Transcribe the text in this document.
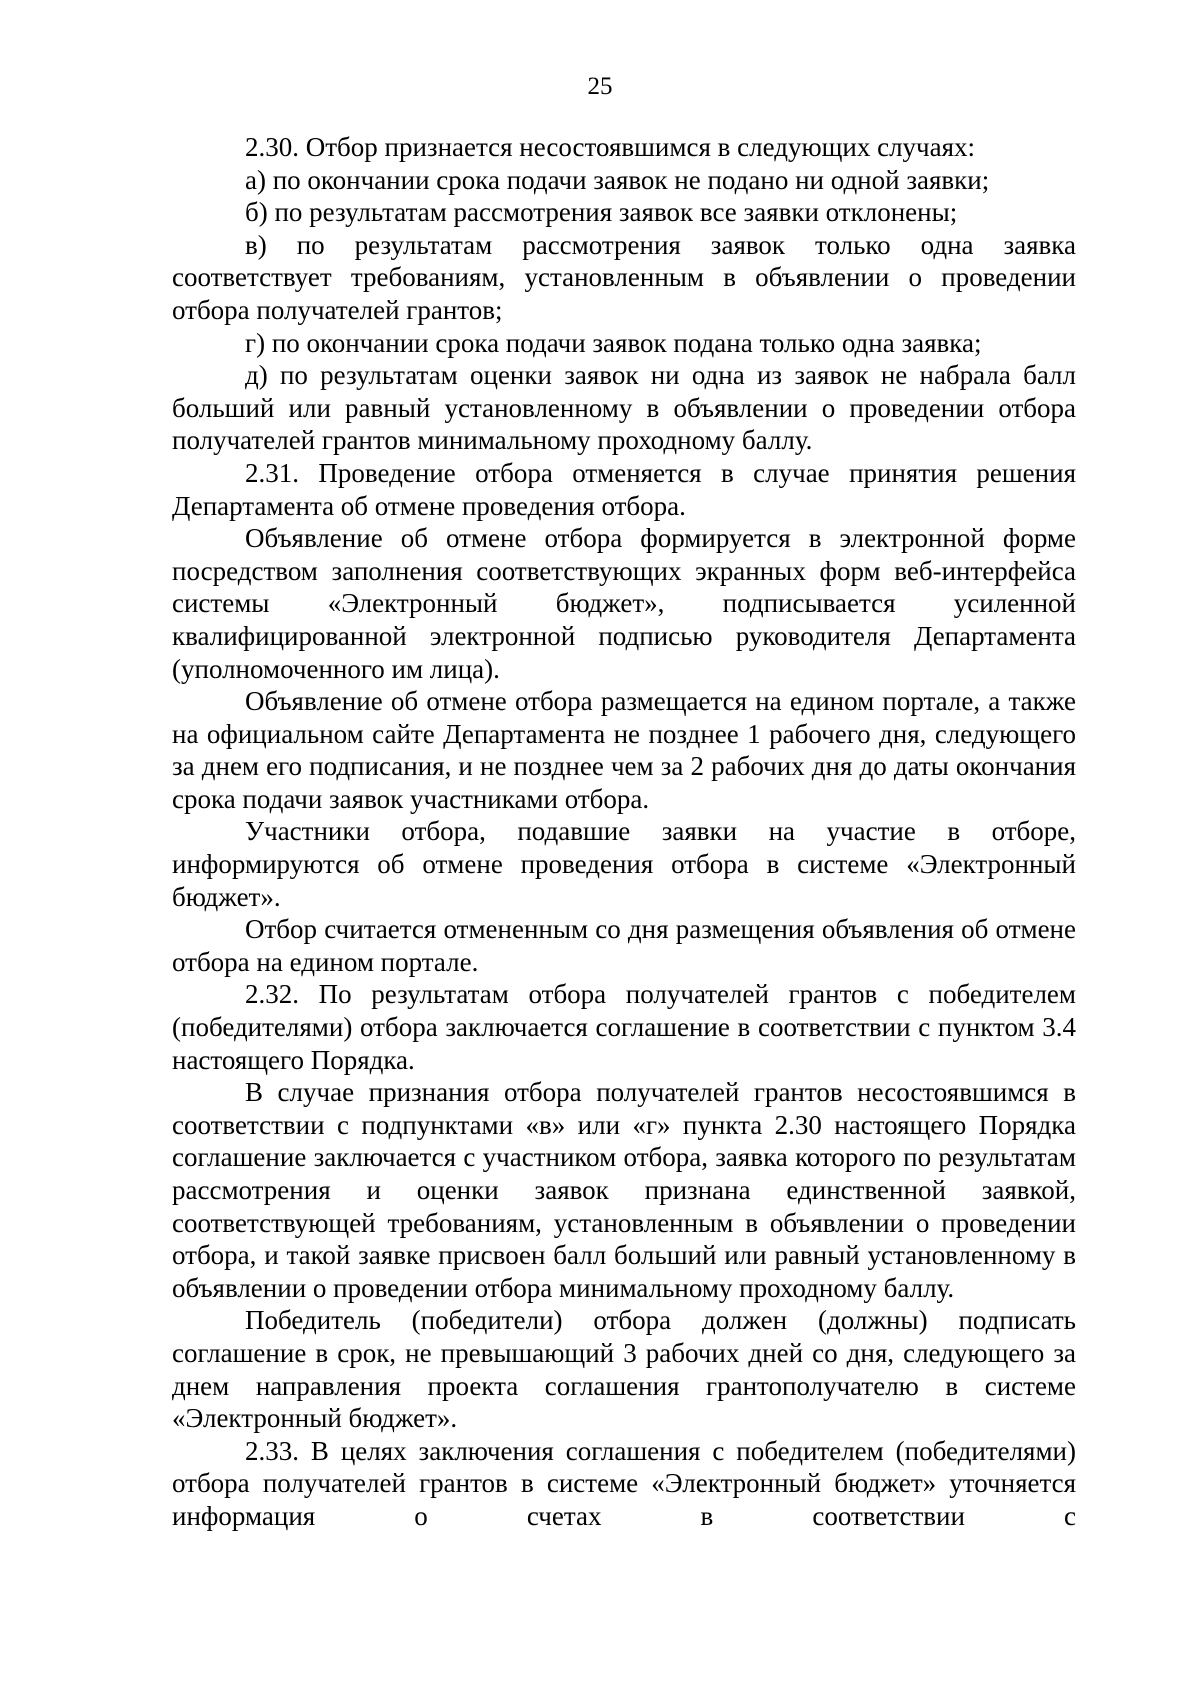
25

2.30. Отбор признается несостоявшимся в следующих случаях:

а) по окончании срока подачи заявок не подано ни одной заявки;

б) по результатам рассмотрения заявок все заявки отклонены;

в) по результатам рассмотрения заявок только одна заявка соответствует требованиям, установленным в объявлении о проведении отбора получателей грантов;

г) по окончании срока подачи заявок подана только одна заявка;

д) по результатам оценки заявок ни одна из заявок не набрала балл больший или равный установленному в объявлении о проведении отбора получателей грантов минимальному проходному баллу.

2.31. Проведение отбора отменяется в случае принятия решения Департамента об отмене проведения отбора.

Объявление об отмене отбора формируется в электронной форме посредством заполнения соответствующих экранных форм веб-интерфейса системы «Электронный бюджет», подписывается усиленной квалифицированной электронной подписью руководителя Департамента (уполномоченного им лица).

Объявление об отмене отбора размещается на едином портале, а также на официальном сайте Департамента не позднее 1 рабочего дня, следующего за днем его подписания, и не позднее чем за 2 рабочих дня до даты окончания срока подачи заявок участниками отбора.

Участники отбора, подавшие заявки на участие в отборе, информируются об отмене проведения отбора в системе «Электронный бюджет».

Отбор считается отмененным со дня размещения объявления об отмене отбора на едином портале.

2.32. По результатам отбора получателей грантов с победителем (победителями) отбора заключается соглашение в соответствии с пунктом 3.4 настоящего Порядка.

В случае признания отбора получателей грантов несостоявшимся в соответствии с подпунктами «в» или «г» пункта 2.30 настоящего Порядка соглашение заключается с участником отбора, заявка которого по результатам рассмотрения и оценки заявок признана единственной заявкой, соответствующей требованиям, установленным в объявлении о проведении отбора, и такой заявке присвоен балл больший или равный установленному в объявлении о проведении отбора минимальному проходному баллу.

Победитель (победители) отбора должен (должны) подписать соглашение в срок, не превышающий 3 рабочих дней со дня, следующего за днем направления проекта соглашения грантополучателю в системе «Электронный бюджет».

2.33. В целях заключения соглашения с победителем (победителями) отбора получателей грантов в системе «Электронный бюджет» уточняется информация о счетах в соответствии с
